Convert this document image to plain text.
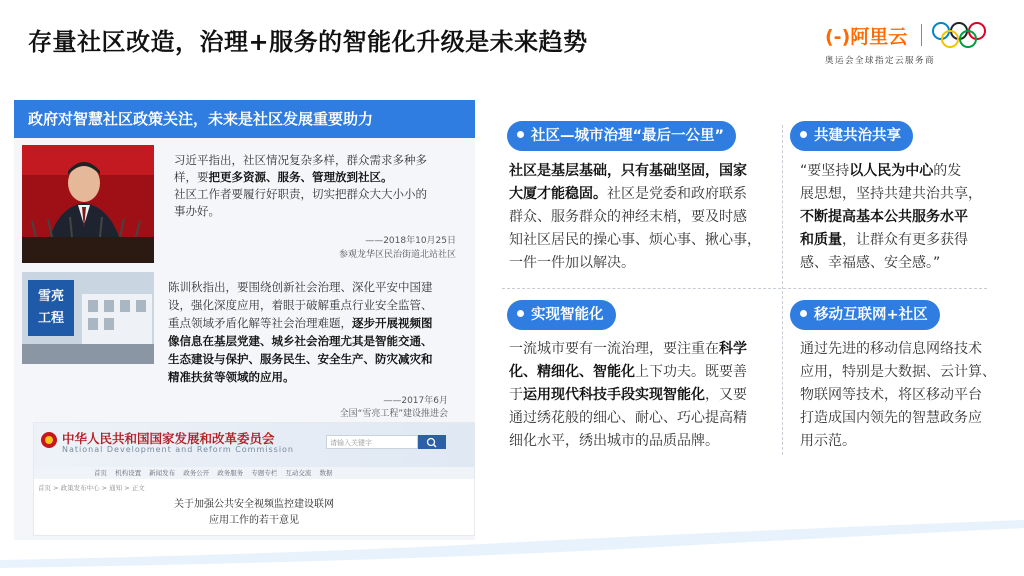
存量社区改造，治理+服务的智能化升级是未来趋势	(-)阿里云
奥运会全球指定云服务商
政府对智慧社区政策关注，未来是社区发展重要助力
习近平指出，社区情况复杂多样，群众需求多种多
样，要把更多资源、服务、管理放到社区。
社区工作者要履行好职责，切实把群众大大小小的
事办好。
——2018年10月25日
参观龙华区民治街道北站社区
雪亮 工程
陈训秋指出，要围绕创新社会治理、深化平安中国建
设，强化深度应用，着眼于破解重点行业安全监管、
重点领域矛盾化解等社会治理难题，逐步开展视频图
像信息在基层党建、城乡社会治理尤其是智能交通、
生态建设与保护、服务民生、安全生产、防灾减灾和
精准扶贫等领域的应用。
——2017年6月
全国“雪亮工程”建设推进会
中华人民共和国国家发展和改革委员会
National Development and Reform Commission
请输入关键字
首页 机构设置 新闻发布 政务公开 政务服务 专题专栏 互动交流 数据
首页 > 政策发布中心 > 通知 > 正文
关于加强公共安全视频监控建设联网
应用工作的若干意见
社区—城市治理“最后一公里”
社区是基层基础，只有基础坚固，国家
大厦才能稳固。社区是党委和政府联系
群众、服务群众的神经末梢，要及时感
知社区居民的操心事、烦心事、揪心事，
一件一件加以解决。
共建共治共享
“要坚持以人民为中心的发
展思想，坚持共建共治共享，
不断提高基本公共服务水平
和质量，让群众有更多获得
感、幸福感、安全感。”
实现智能化
一流城市要有一流治理，要注重在科学
化、精细化、智能化上下功夫。既要善
于运用现代科技手段实现智能化，又要
通过绣花般的细心、耐心、巧心提高精
细化水平，绣出城市的品质品牌。
移动互联网+社区
通过先进的移动信息网络技术
应用，特别是大数据、云计算、
物联网等技术，将区移动平台
打造成国内领先的智慧政务应
用示范。
